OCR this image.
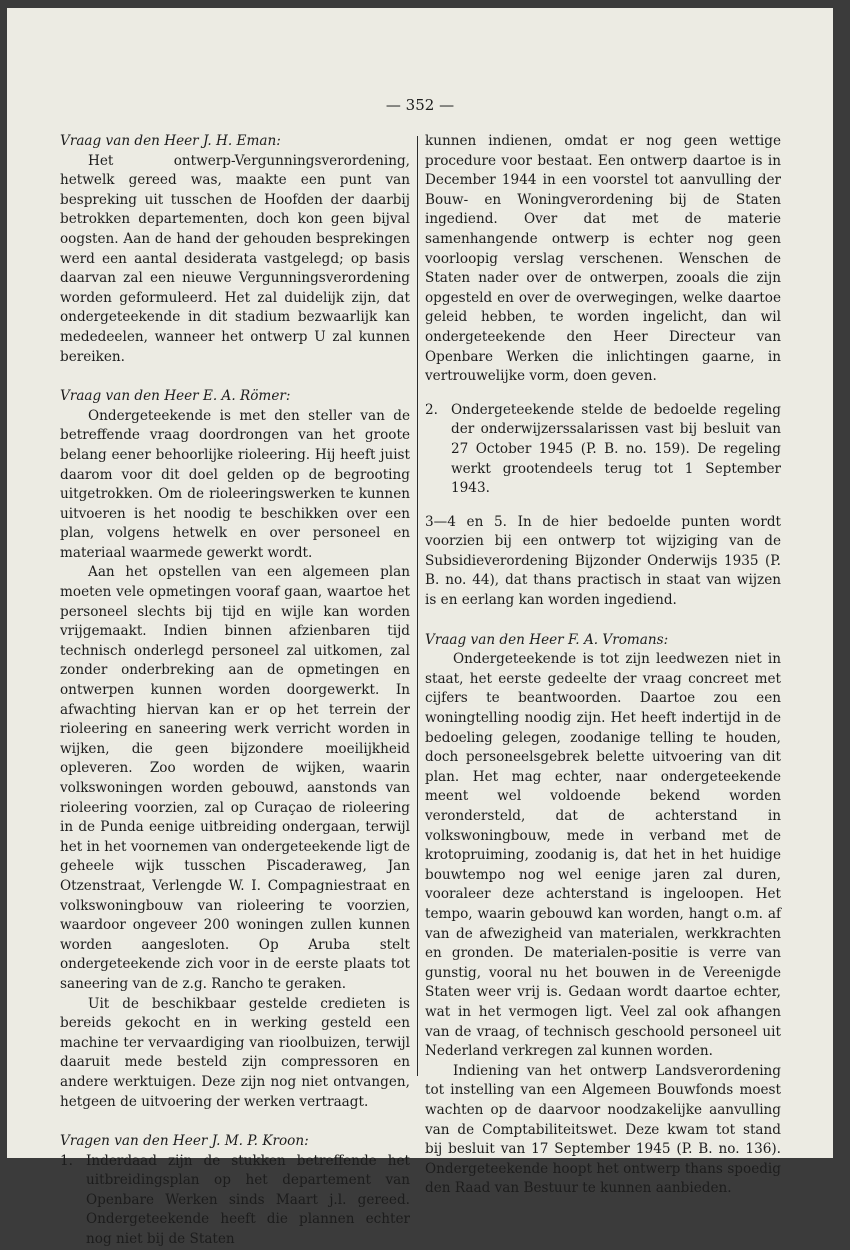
— 352 —

Vraag van den Heer J. H. Eman:

Het ontwerp-Vergunningsverordening, hetwelk gereed was, maakte een punt van bespreking uit tusschen de Hoofden der daarbij betrokken departementen, doch kon geen bijval oogsten. Aan de hand der gehouden besprekingen werd een aantal desiderata vastgelegd; op basis daarvan zal een nieuwe Vergunningsverordening worden geformuleerd. Het zal duidelijk zijn, dat ondergeteekende in dit stadium bezwaarlijk kan mededeelen, wanneer het ontwerp U zal kunnen bereiken.

Vraag van den Heer E. A. Römer:

Ondergeteekende is met den steller van de betreffende vraag doordrongen van het groote belang eener behoorlijke rioleering. Hij heeft juist daarom voor dit doel gelden op de begrooting uitgetrokken. Om de rioleeringswerken te kunnen uitvoeren is het noodig te beschikken over een plan, volgens hetwelk en over personeel en materiaal waarmede gewerkt wordt.

Aan het opstellen van een algemeen plan moeten vele opmetingen vooraf gaan, waartoe het personeel slechts bij tijd en wijle kan worden vrijgemaakt. Indien binnen afzienbaren tijd technisch onderlegd personeel zal uitkomen, zal zonder onderbreking aan de opmetingen en ontwerpen kunnen worden doorgewerkt. In afwachting hiervan kan er op het terrein der rioleering en saneering werk verricht worden in wijken, die geen bijzondere moeilijkheid opleveren. Zoo worden de wijken, waarin volkswoningen worden gebouwd, aanstonds van rioleering voorzien, zal op Curaçao de rioleering in de Punda eenige uitbreiding ondergaan, terwijl het in het voornemen van ondergeteekende ligt de geheele wijk tusschen Piscaderaweg, Jan Otzenstraat, Verlengde W. I. Compagniestraat en volkswoningbouw van rioleering te voorzien, waardoor ongeveer 200 woningen zullen kunnen worden aangesloten. Op Aruba stelt ondergeteekende zich voor in de eerste plaats tot saneering van de z.g. Rancho te geraken.

Uit de beschikbaar gestelde credieten is bereids gekocht en in werking gesteld een machine ter vervaardiging van rioolbuizen, terwijl daaruit mede besteld zijn compressoren en andere werktuigen. Deze zijn nog niet ontvangen, hetgeen de uitvoering der werken vertraagt.

Vragen van den Heer J. M. P. Kroon:

1. Inderdaad zijn de stukken betreffende het uitbreidingsplan op het departement van Openbare Werken sinds Maart j.l. gereed. Ondergeteekende heeft die plannen echter nog niet bij de Staten

kunnen indienen, omdat er nog geen wettige procedure voor bestaat. Een ontwerp daartoe is in December 1944 in een voorstel tot aanvulling der Bouw- en Woningverordening bij de Staten ingediend. Over dat met de materie samenhangende ontwerp is echter nog geen voorloopig verslag verschenen. Wenschen de Staten nader over de ontwerpen, zooals die zijn opgesteld en over de overwegingen, welke daartoe geleid hebben, te worden ingelicht, dan wil ondergeteekende den Heer Directeur van Openbare Werken die inlichtingen gaarne, in vertrouwelijke vorm, doen geven.

2. Ondergeteekende stelde de bedoelde regeling der onderwijzerssalarissen vast bij besluit van 27 October 1945 (P. B. no. 159). De regeling werkt grootendeels terug tot 1 September 1943.
3—4 en 5. In de hier bedoelde punten wordt voorzien bij een ontwerp tot wijziging van de Subsidieverordening Bijzonder Onderwijs 1935 (P. B. no. 44), dat thans practisch in staat van wijzen is en eerlang kan worden ingediend.

Vraag van den Heer F. A. Vromans:

Ondergeteekende is tot zijn leedwezen niet in staat, het eerste gedeelte der vraag concreet met cijfers te beantwoorden. Daartoe zou een woningtelling noodig zijn. Het heeft indertijd in de bedoeling gelegen, zoodanige telling te houden, doch personeelsgebrek belette uitvoering van dit plan. Het mag echter, naar ondergeteekende meent wel voldoende bekend worden verondersteld, dat de achterstand in volkswoningbouw, mede in verband met de krotopruiming, zoodanig is, dat het in het huidige bouwtempo nog wel eenige jaren zal duren, vooraleer deze achterstand is ingeloopen. Het tempo, waarin gebouwd kan worden, hangt o.m. af van de afwezigheid van materialen, werkkrachten en gronden. De materialen-positie is verre van gunstig, vooral nu het bouwen in de Vereenigde Staten weer vrij is. Gedaan wordt daartoe echter, wat in het vermogen ligt. Veel zal ook afhangen van de vraag, of technisch geschoold personeel uit Nederland verkregen zal kunnen worden.

Indiening van het ontwerp Landsverordening tot instelling van een Algemeen Bouwfonds moest wachten op de daarvoor noodzakelijke aanvulling van de Comptabiliteitswet. Deze kwam tot stand bij besluit van 17 September 1945 (P. B. no. 136). Ondergeteekende hoopt het ontwerp thans spoedig den Raad van Bestuur te kunnen aanbieden.
